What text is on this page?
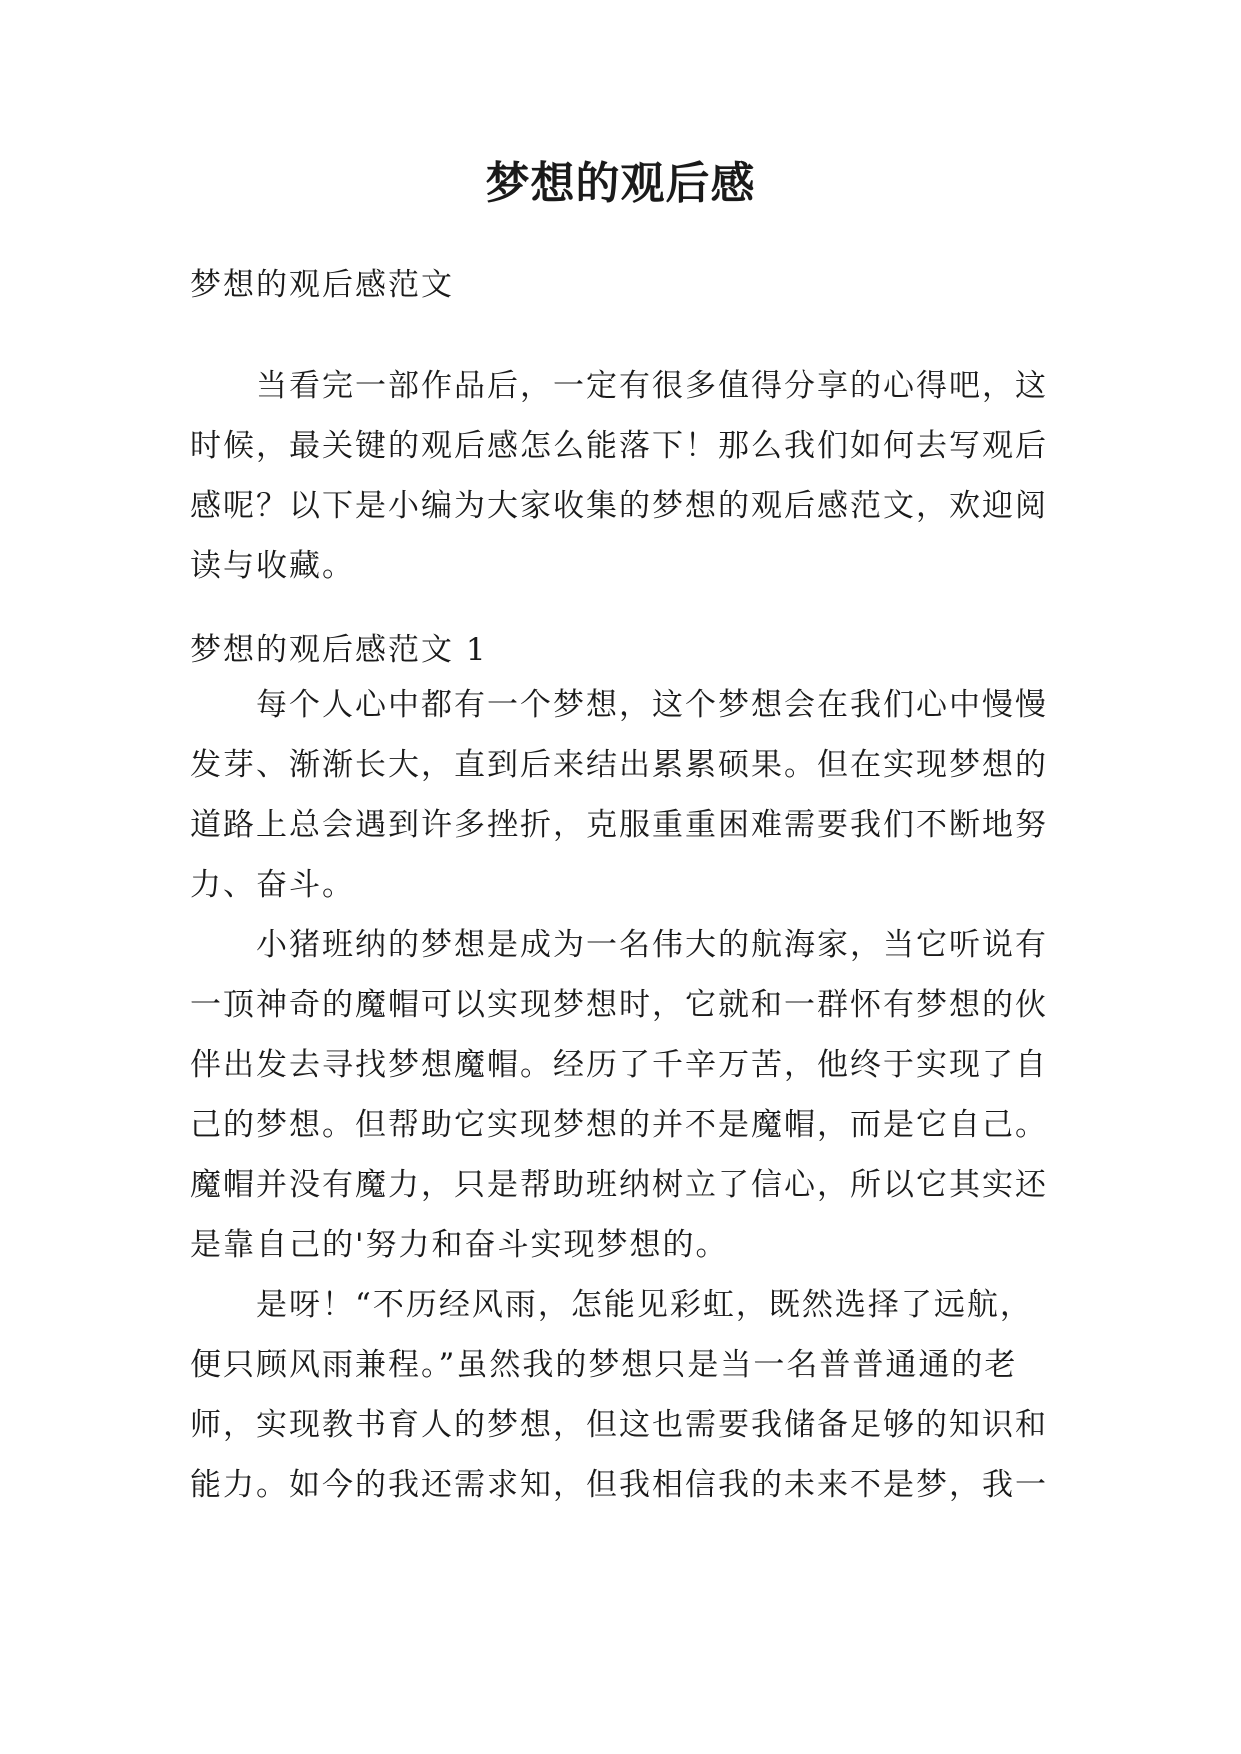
梦想的观后感

梦想的观后感范文

当看完一部作品后，一定有很多值得分享的心得吧，这
时候，最关键的观后感怎么能落下！那么我们如何去写观后
感呢？以下是小编为大家收集的梦想的观后感范文，欢迎阅
读与收藏。

梦想的观后感范文 1

每个人心中都有一个梦想，这个梦想会在我们心中慢慢
发芽、渐渐长大，直到后来结出累累硕果。但在实现梦想的
道路上总会遇到许多挫折，克服重重困难需要我们不断地努
力、奋斗。
小猪班纳的梦想是成为一名伟大的航海家，当它听说有
一顶神奇的魔帽可以实现梦想时，它就和一群怀有梦想的伙
伴出发去寻找梦想魔帽。经历了千辛万苦，他终于实现了自
己的梦想。但帮助它实现梦想的并不是魔帽，而是它自己。
魔帽并没有魔力，只是帮助班纳树立了信心，所以它其实还
是靠自己的'努力和奋斗实现梦想的。
是呀！“不历经风雨，怎能见彩虹，既然选择了远航，
便只顾风雨兼程。”虽然我的梦想只是当一名普普通通的老
师，实现教书育人的梦想，但这也需要我储备足够的知识和
能力。如今的我还需求知，但我相信我的未来不是梦，我一
